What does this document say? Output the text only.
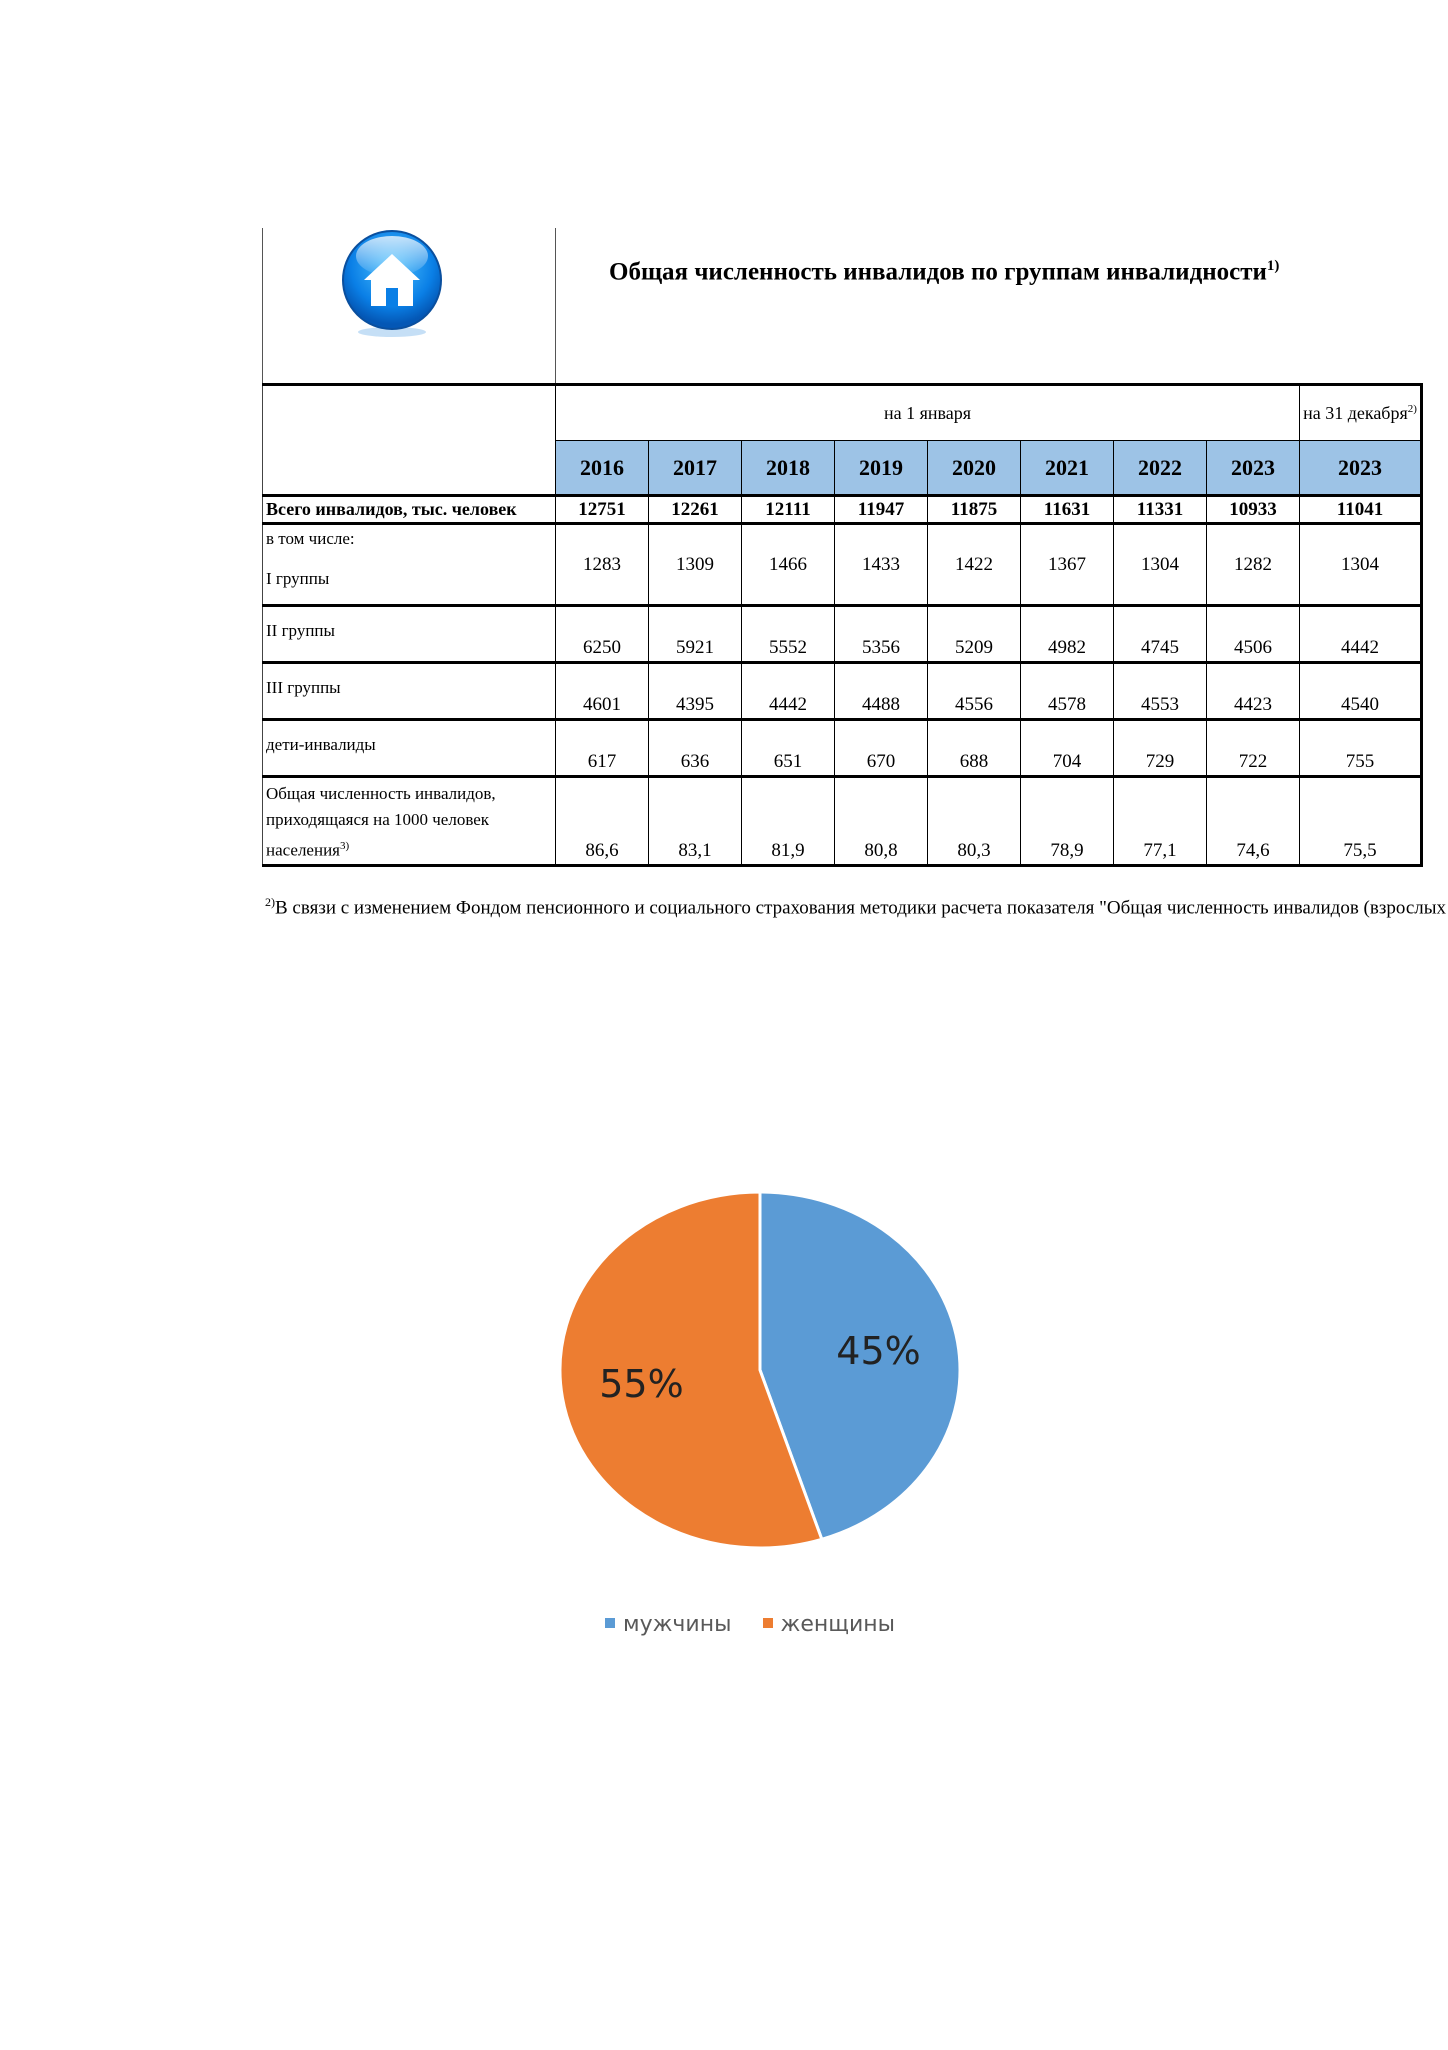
Общая численность инвалидов по группам инвалидности$^{1)}$
	на 1 января								на 31 декабря$^{2)}$
	2016	2017	2018	2019	2020	2021	2022	2023	2023
Всего инвалидов, тыс. человек	12751	12261	12111	11947	11875	11631	11331	10933	11041

в том числе:
I группы	1283	1309	1466	1433	1422	1367	1304	1282	1304
II группы	6250	5921	5552	5356	5209	4982	4745	4506	4442
III группы	4601	4395	4442	4488	4556	4578	4553	4423	4540
дети-инвалиды	617	636	651	670	688	704	729	722	755

Общая численность инвалидов,
приходящаяся на 1000 человек
населения$^{3)}$	86,6	83,1	81,9	80,8	80,3	78,9	77,1	74,6	75,5
$^{2)}$В связи с изменением Фондом пенсионного и социального страхования методики расчета показателя "Общая численность инвалидов (взрослых
45%
55%
мужчины женщины
